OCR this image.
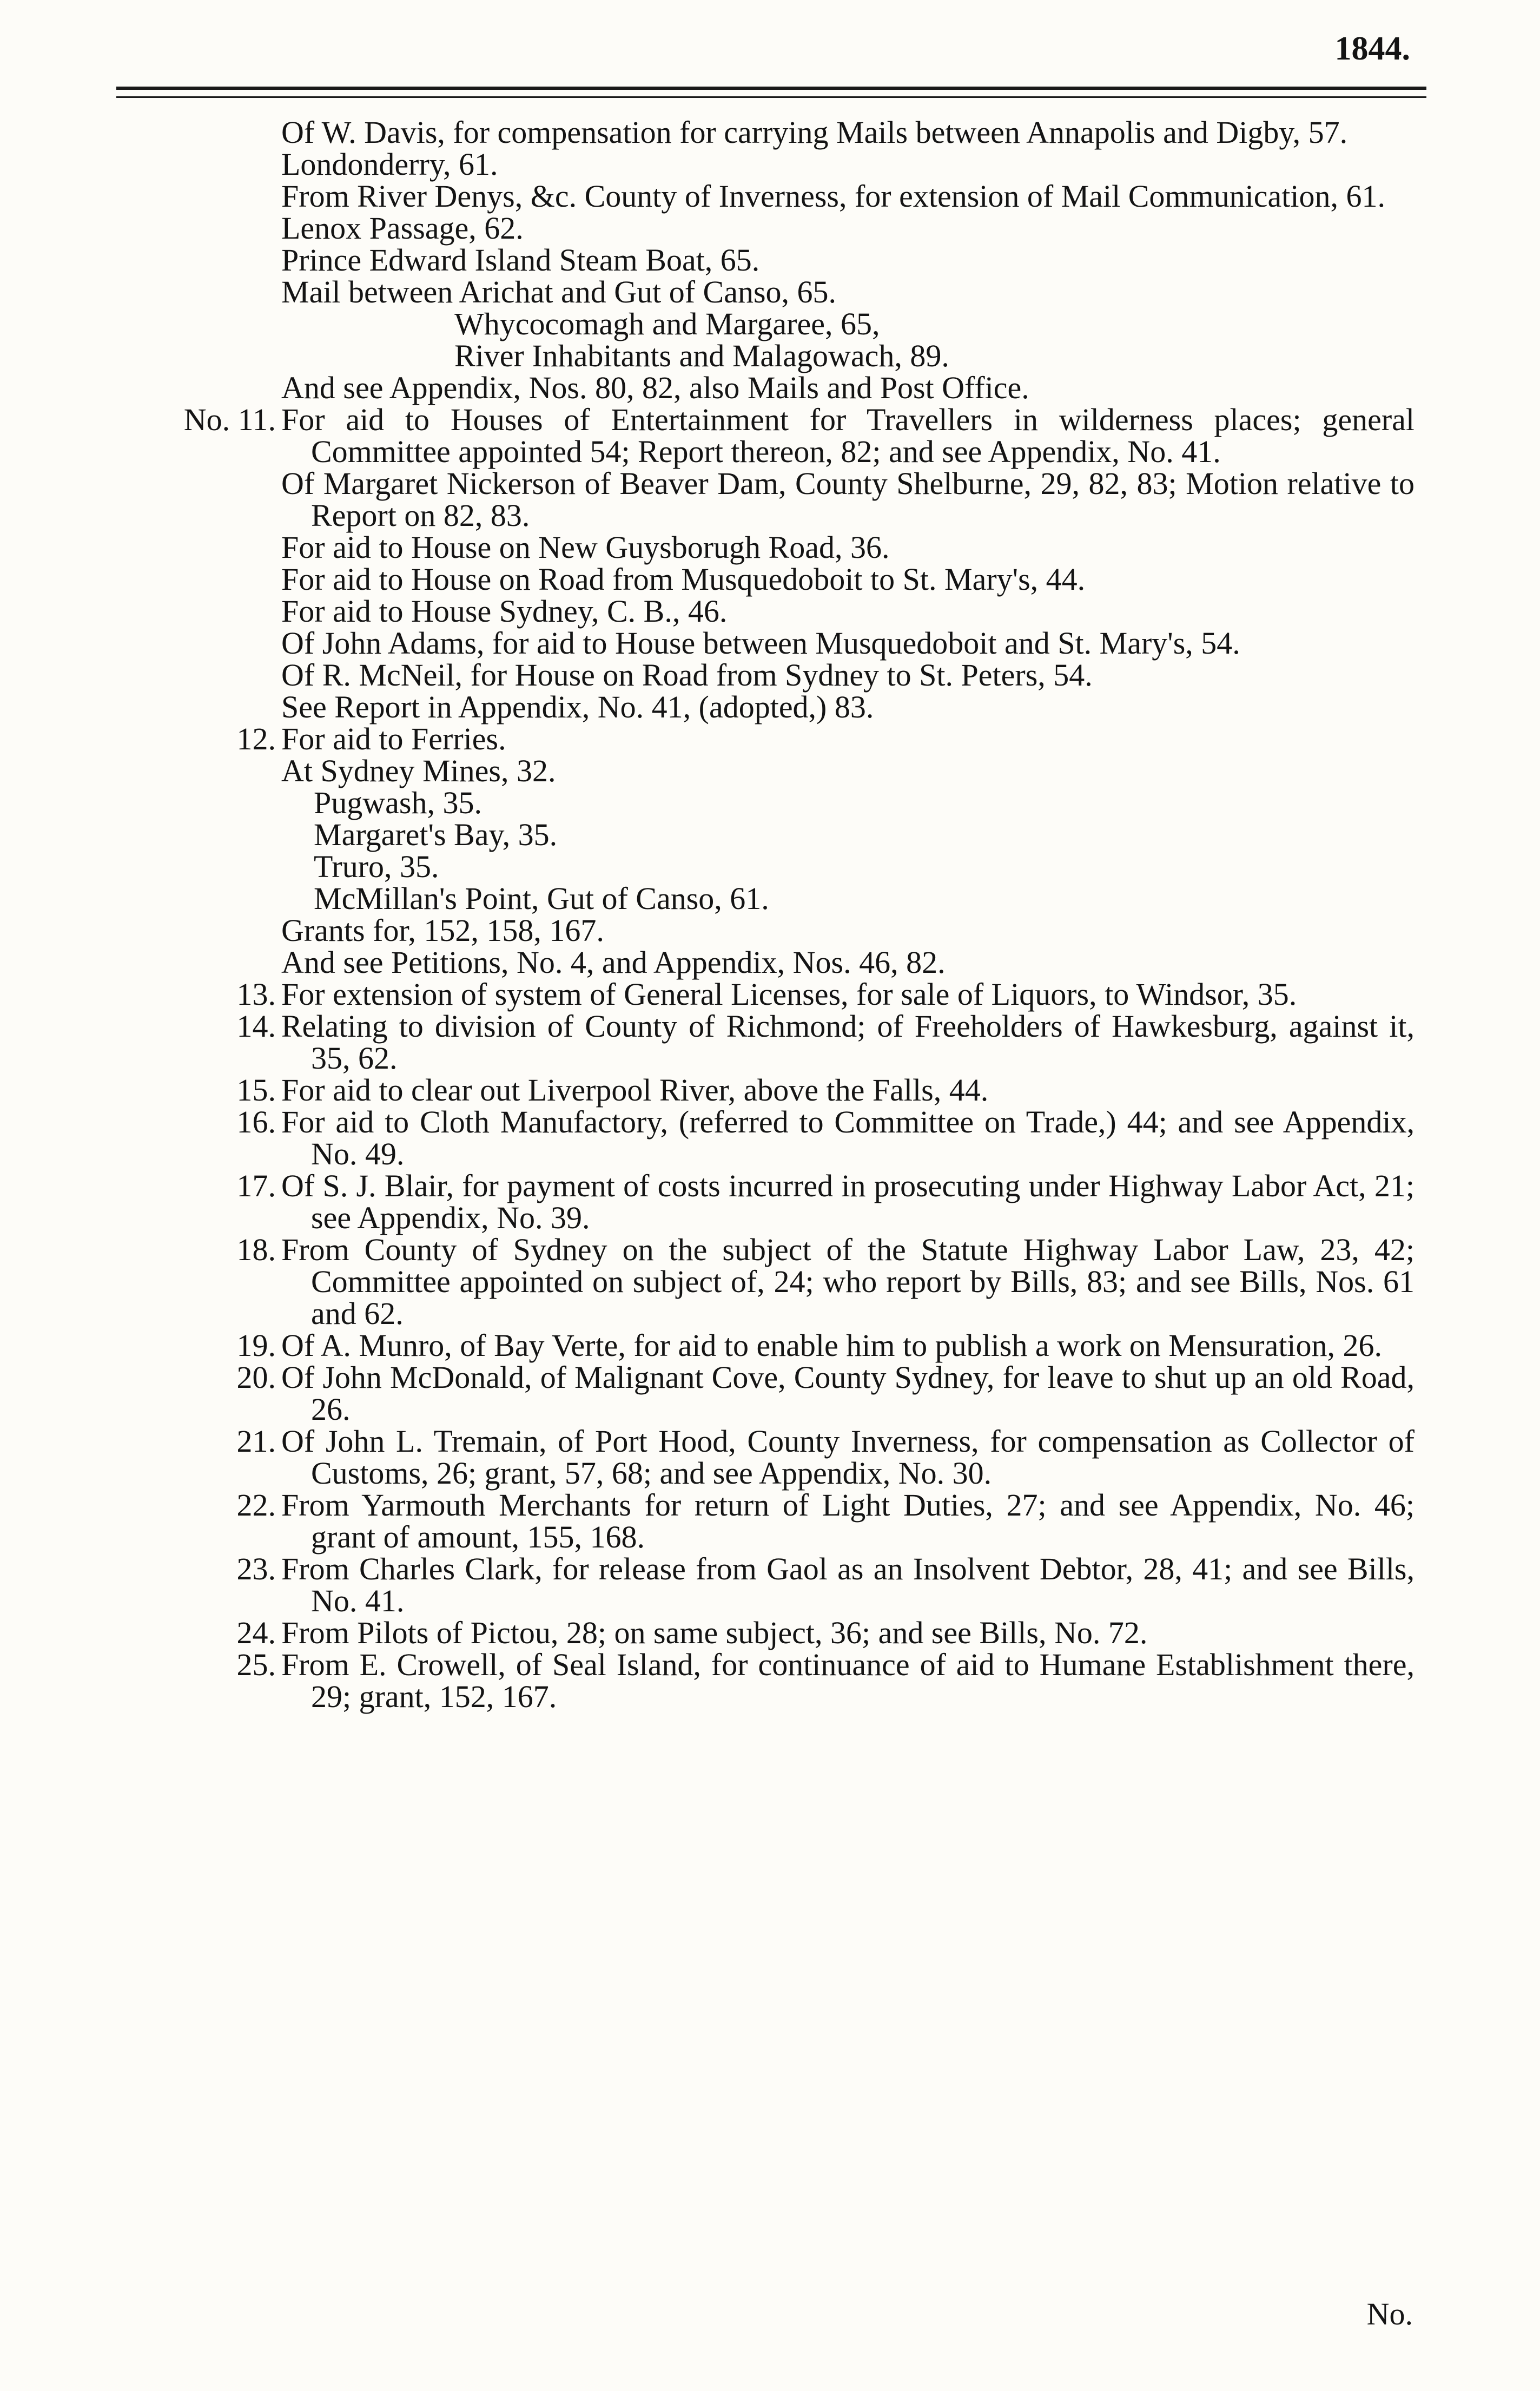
1844.
Of W. Davis, for compensation for carrying Mails between Annapolis and Digby, 57.
Londonderry, 61.
From River Denys, &c. County of Inverness, for extension of Mail Communication, 61.
Lenox Passage, 62.
Prince Edward Island Steam Boat, 65.
Mail between Arichat and Gut of Canso, 65.
Whycocomagh and Margaree, 65,
River Inhabitants and Malagowach, 89.
And see Appendix, Nos. 80, 82, also Mails and Post Office.
No. 11. For aid to Houses of Entertainment for Travellers in wilderness places; general Committee appointed 54; Report thereon, 82; and see Appendix, No. 41.
Of Margaret Nickerson of Beaver Dam, County Shelburne, 29, 82, 83; Motion relative to Report on 82, 83.
For aid to House on New Guysborugh Road, 36.
For aid to House on Road from Musquedoboit to St. Mary's, 44.
For aid to House Sydney, C. B., 46.
Of John Adams, for aid to House between Musquedoboit and St. Mary's, 54.
Of R. McNeil, for House on Road from Sydney to St. Peters, 54.
See Report in Appendix, No. 41, (adopted,) 83.
12. For aid to Ferries.
At Sydney Mines, 32.
Pugwash, 35.
Margaret's Bay, 35.
Truro, 35.
McMillan's Point, Gut of Canso, 61.
Grants for, 152, 158, 167.
And see Petitions, No. 4, and Appendix, Nos. 46, 82.
13. For extension of system of General Licenses, for sale of Liquors, to Windsor, 35.
14. Relating to division of County of Richmond; of Freeholders of Hawkesburg, against it, 35, 62.
15. For aid to clear out Liverpool River, above the Falls, 44.
16. For aid to Cloth Manufactory, (referred to Committee on Trade,) 44; and see Appendix, No. 49.
17. Of S. J. Blair, for payment of costs incurred in prosecuting under Highway Labor Act, 21; see Appendix, No. 39.
18. From County of Sydney on the subject of the Statute Highway Labor Law, 23, 42; Committee appointed on subject of, 24; who report by Bills, 83; and see Bills, Nos. 61 and 62.
19. Of A. Munro, of Bay Verte, for aid to enable him to publish a work on Mensuration, 26.
20. Of John McDonald, of Malignant Cove, County Sydney, for leave to shut up an old Road, 26.
21. Of John L. Tremain, of Port Hood, County Inverness, for compensation as Collector of Customs, 26; grant, 57, 68; and see Appendix, No. 30.
22. From Yarmouth Merchants for return of Light Duties, 27; and see Appendix, No. 46; grant of amount, 155, 168.
23. From Charles Clark, for release from Gaol as an Insolvent Debtor, 28, 41; and see Bills, No. 41.
24. From Pilots of Pictou, 28; on same subject, 36; and see Bills, No. 72.
25. From E. Crowell, of Seal Island, for continuance of aid to Humane Establishment there, 29; grant, 152, 167.
No.
